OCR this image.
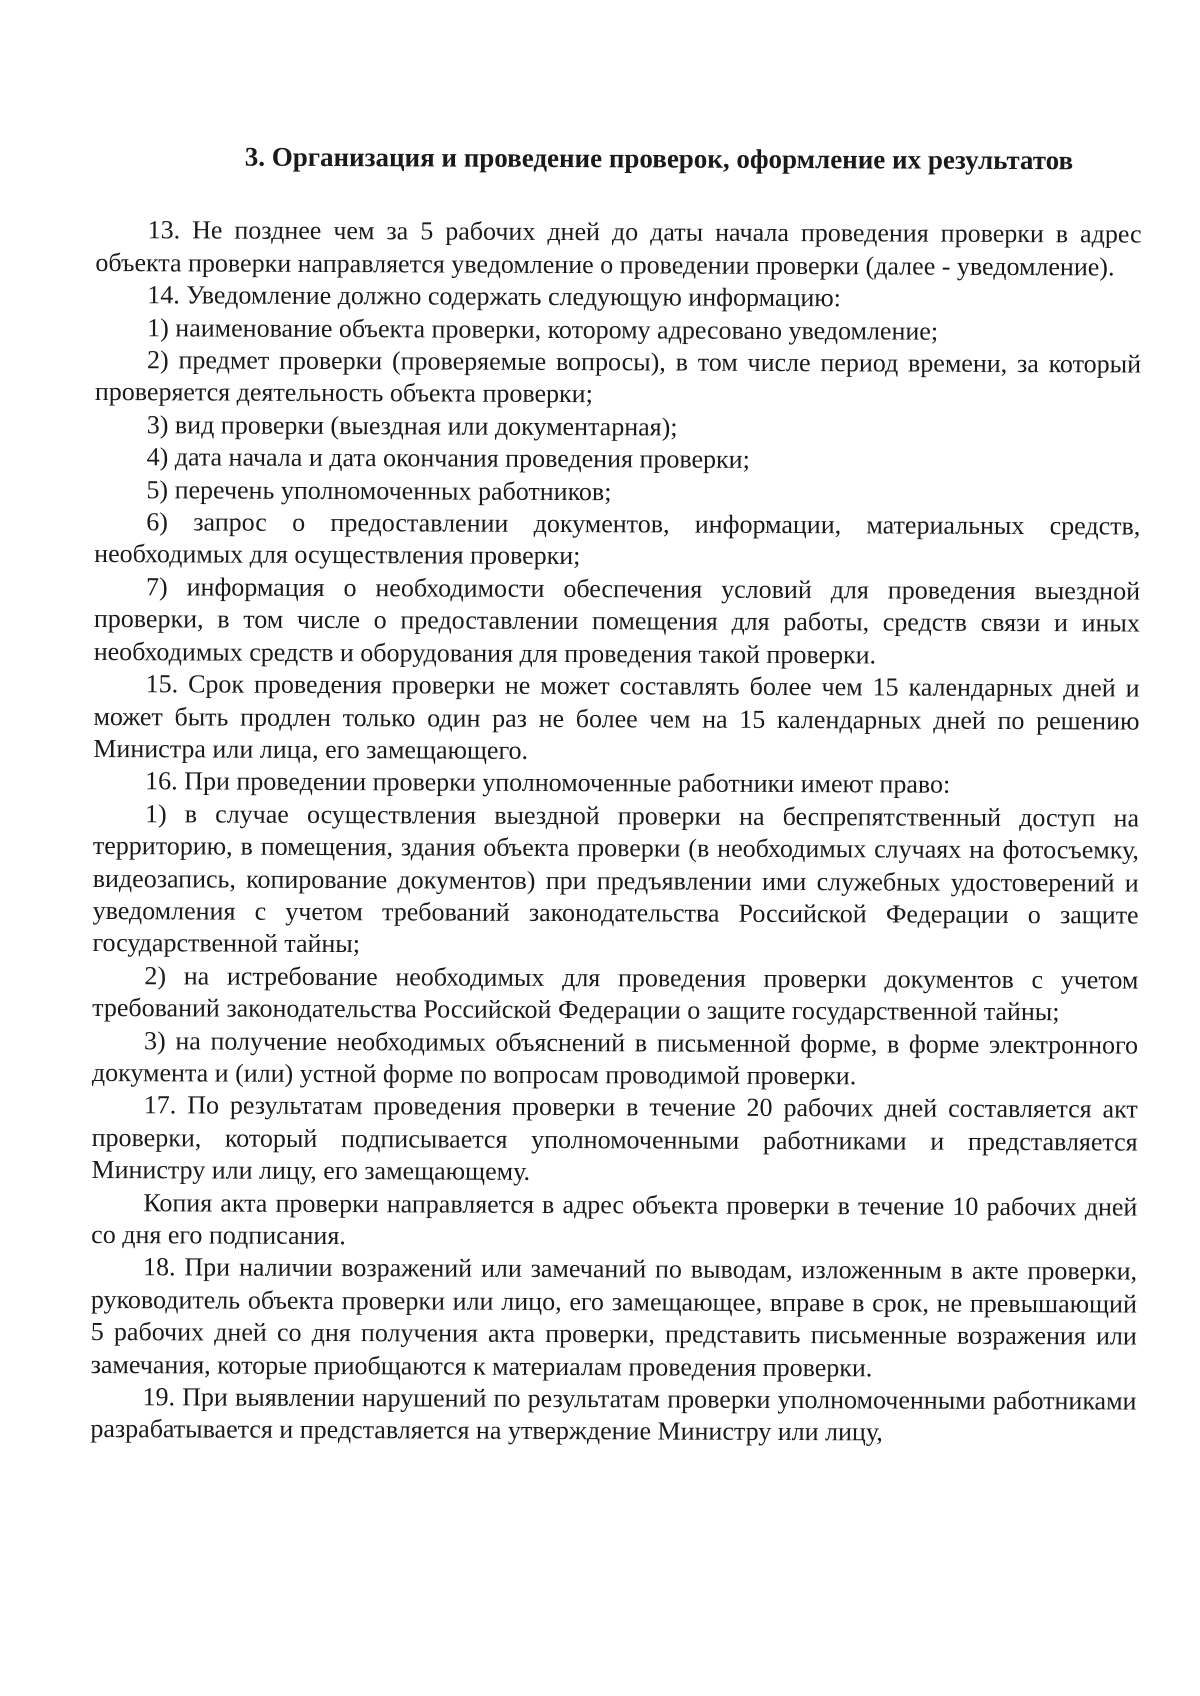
3. Организация и проведение проверок, оформление их результатов

13. Не позднее чем за 5 рабочих дней до даты начала проведения проверки в адрес объекта проверки направляется уведомление о проведении проверки (далее - уведомление).

14. Уведомление должно содержать следующую информацию:

1) наименование объекта проверки, которому адресовано уведомление;

2) предмет проверки (проверяемые вопросы), в том числе период времени, за который проверяется деятельность объекта проверки;

3) вид проверки (выездная или документарная);

4) дата начала и дата окончания проведения проверки;

5) перечень уполномоченных работников;

6) запрос о предоставлении документов, информации, материальных средств, необходимых для осуществления проверки;

7) информация о необходимости обеспечения условий для проведения выездной проверки, в том числе о предоставлении помещения для работы, средств связи и иных необходимых средств и оборудования для проведения такой проверки.

15. Срок проведения проверки не может составлять более чем 15 календарных дней и может быть продлен только один раз не более чем на 15 календарных дней по решению Министра или лица, его замещающего.

16. При проведении проверки уполномоченные работники имеют право:

1) в случае осуществления выездной проверки на беспрепятственный доступ на территорию, в помещения, здания объекта проверки (в необходимых случаях на фотосъемку, видеозапись, копирование документов) при предъявлении ими служебных удостоверений и уведомления с учетом требований законодательства Российской Федерации о защите государственной тайны;

2) на истребование необходимых для проведения проверки документов с учетом требований законодательства Российской Федерации о защите государственной тайны;

3) на получение необходимых объяснений в письменной форме, в форме электронного документа и (или) устной форме по вопросам проводимой проверки.

17. По результатам проведения проверки в течение 20 рабочих дней составляется акт проверки, который подписывается уполномоченными работниками и представляется Министру или лицу, его замещающему.

Копия акта проверки направляется в адрес объекта проверки в течение 10 рабочих дней со дня его подписания.

18. При наличии возражений или замечаний по выводам, изложенным в акте проверки, руководитель объекта проверки или лицо, его замещающее, вправе в срок, не превышающий 5 рабочих дней со дня получения акта проверки, представить письменные возражения или замечания, которые приобщаются к материалам проведения проверки.

19. При выявлении нарушений по результатам проверки уполномоченными работниками разрабатывается и представляется на утверждение Министру или лицу,
